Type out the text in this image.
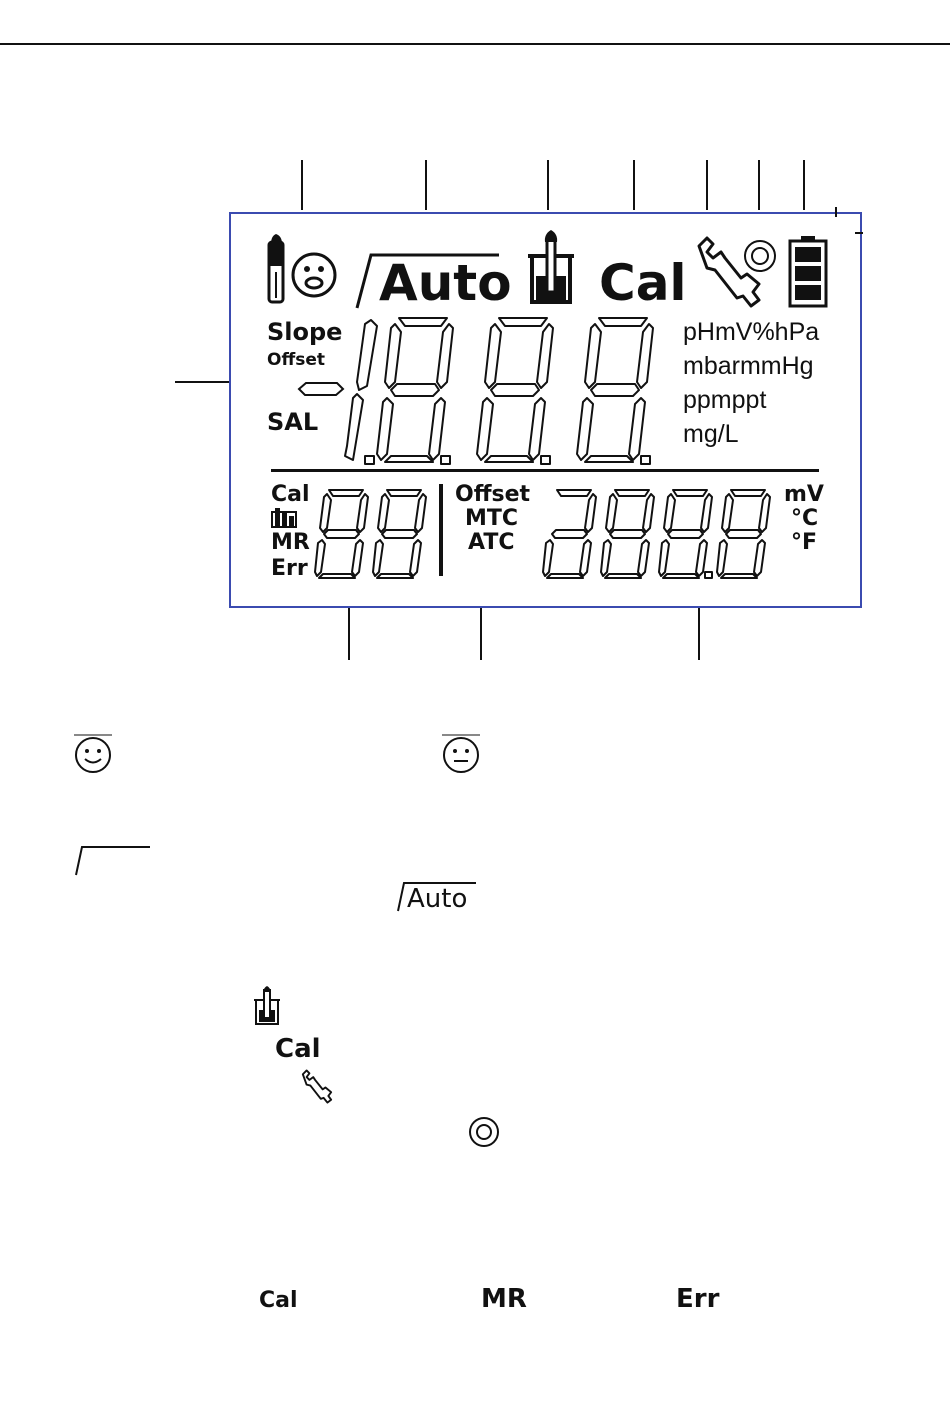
Auto Cal
Slope
Offset
SAL
pHmV%hPa
mbarmmHg
ppmppt
mg/L
Cal
MR
Err
Offset
MTC
ATC
mV
°C
°F
Auto
Cal
Cal	MR	Err
